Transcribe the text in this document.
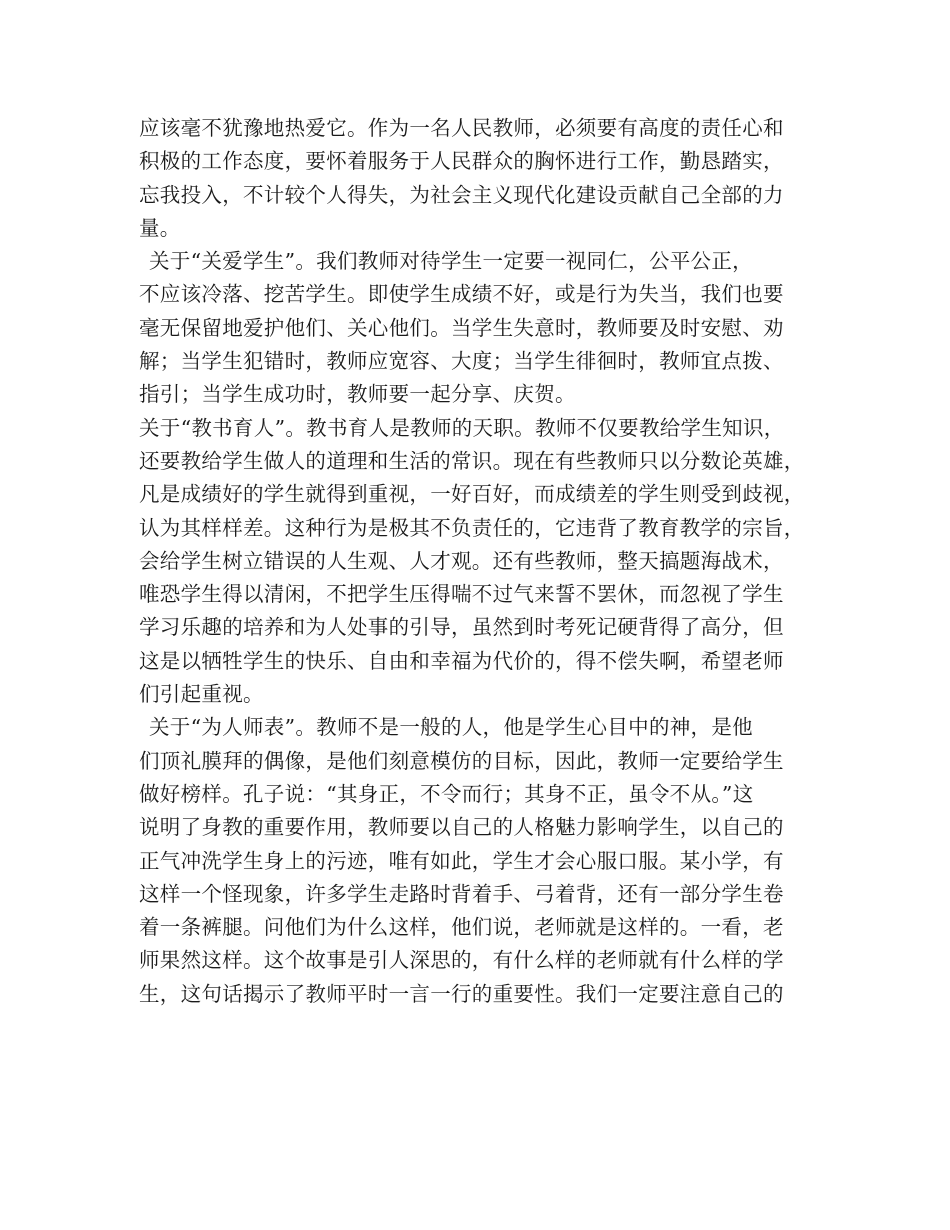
应该毫不犹豫地热爱它。作为一名人民教师，必须要有高度的责任心和
积极的工作态度，要怀着服务于人民群众的胸怀进行工作，勤恳踏实，
忘我投入，不计较个人得失，为社会主义现代化建设贡献自己全部的力
量。
关于“关爱学生”。我们教师对待学生一定要一视同仁，公平公正，
不应该冷落、挖苦学生。即使学生成绩不好，或是行为失当，我们也要
毫无保留地爱护他们、关心他们。当学生失意时，教师要及时安慰、劝
解；当学生犯错时，教师应宽容、大度；当学生徘徊时，教师宜点拨、
指引；当学生成功时，教师要一起分享、庆贺。
关于“教书育人”。教书育人是教师的天职。教师不仅要教给学生知识，
还要教给学生做人的道理和生活的常识。现在有些教师只以分数论英雄，
凡是成绩好的学生就得到重视，一好百好，而成绩差的学生则受到歧视，
认为其样样差。这种行为是极其不负责任的，它违背了教育教学的宗旨，
会给学生树立错误的人生观、人才观。还有些教师，整天搞题海战术，
唯恐学生得以清闲，不把学生压得喘不过气来誓不罢休，而忽视了学生
学习乐趣的培养和为人处事的引导，虽然到时考死记硬背得了高分，但
这是以牺牲学生的快乐、自由和幸福为代价的，得不偿失啊，希望老师
们引起重视。
关于“为人师表”。教师不是一般的人，他是学生心目中的神，是他
们顶礼膜拜的偶像，是他们刻意模仿的目标，因此，教师一定要给学生
做好榜样。孔子说：“其身正，不令而行；其身不正，虽令不从。”这
说明了身教的重要作用，教师要以自己的人格魅力影响学生，以自己的
正气冲洗学生身上的污迹，唯有如此，学生才会心服口服。某小学，有
这样一个怪现象，许多学生走路时背着手、弓着背，还有一部分学生卷
着一条裤腿。问他们为什么这样，他们说，老师就是这样的。一看，老
师果然这样。这个故事是引人深思的，有什么样的老师就有什么样的学
生，这句话揭示了教师平时一言一行的重要性。我们一定要注意自己的
